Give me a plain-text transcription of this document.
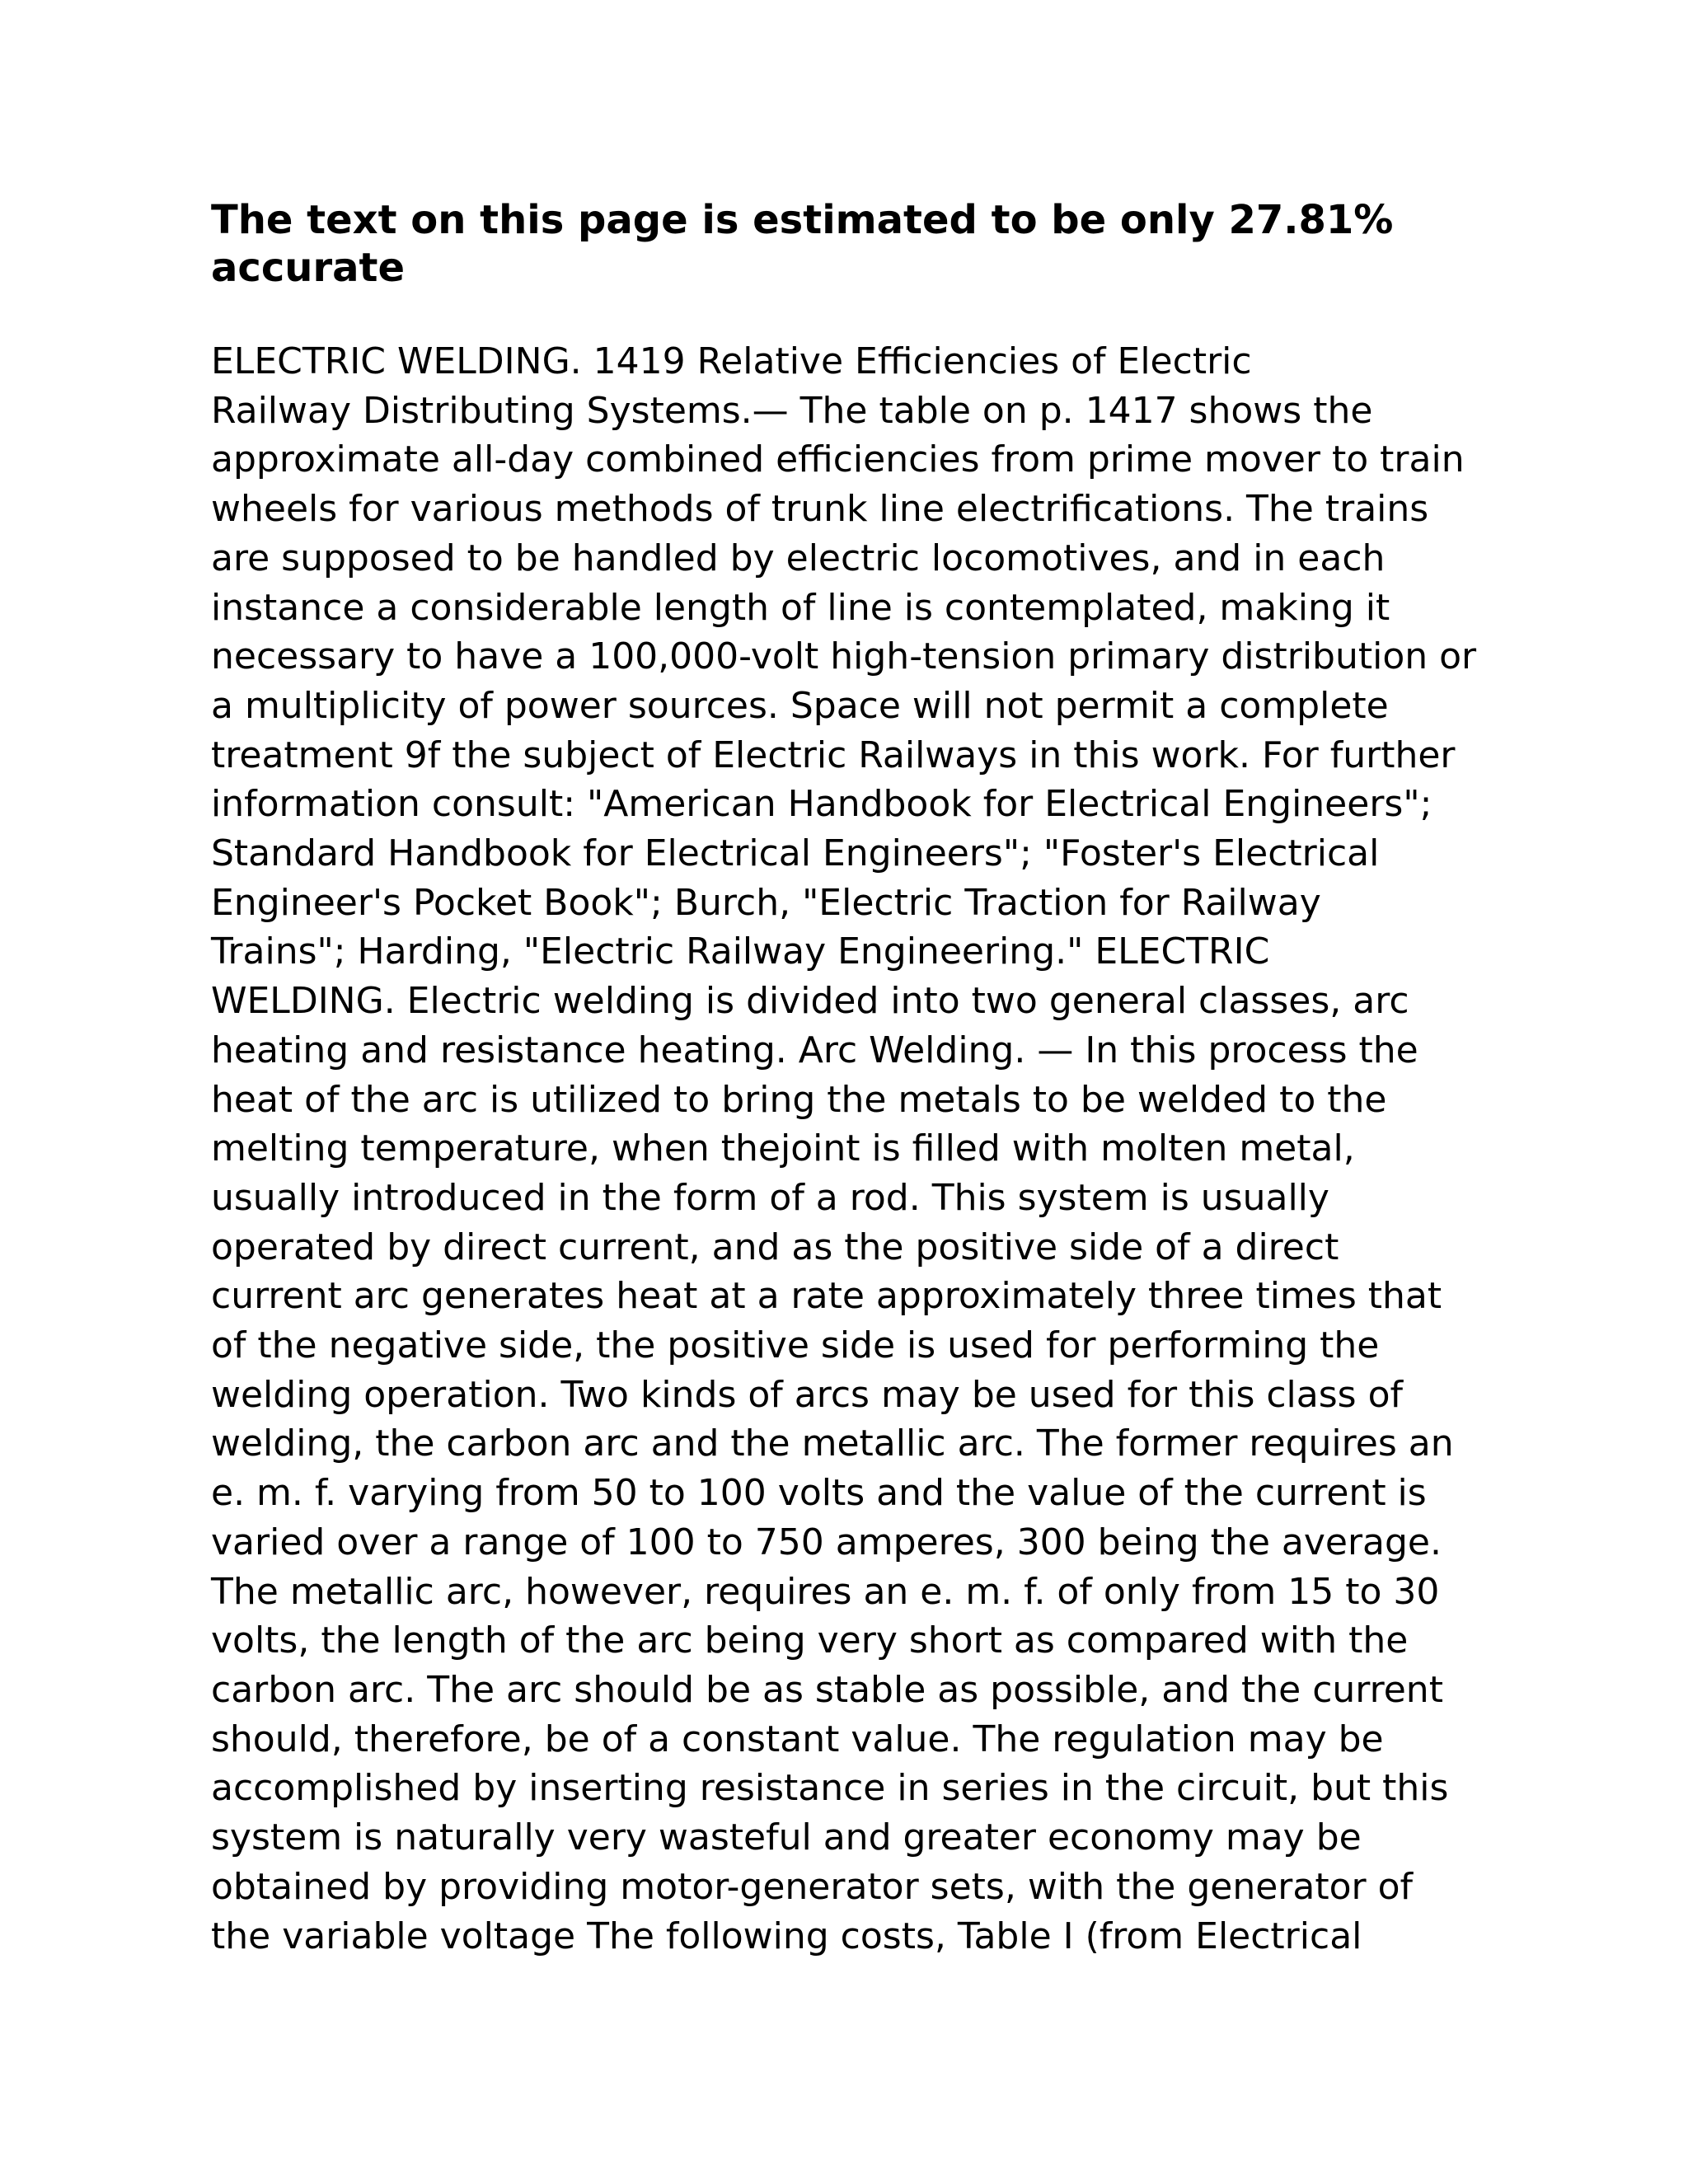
The text on this page is estimated to be only 27.81%
accurate

ELECTRIC WELDING. 1419 Relative Efficiencies of Electric
Railway Distributing Systems.— The table on p. 1417 shows the
approximate all-day combined efficiencies from prime mover to train
wheels for various methods of trunk line electrifications. The trains
are supposed to be handled by electric locomotives, and in each
instance a considerable length of line is contemplated, making it
necessary to have a 100,000-volt high-tension primary distribution or
a multiplicity of power sources. Space will not permit a complete
treatment 9f the subject of Electric Railways in this work. For further
information consult: "American Handbook for Electrical Engineers";
Standard Handbook for Electrical Engineers"; "Foster's Electrical
Engineer's Pocket Book"; Burch, "Electric Traction for Railway
Trains"; Harding, "Electric Railway Engineering." ELECTRIC
WELDING. Electric welding is divided into two general classes, arc
heating and resistance heating. Arc Welding. — In this process the
heat of the arc is utilized to bring the metals to be welded to the
melting temperature, when thejoint is filled with molten metal,
usually introduced in the form of a rod. This system is usually
operated by direct current, and as the positive side of a direct
current arc generates heat at a rate approximately three times that
of the negative side, the positive side is used for performing the
welding operation. Two kinds of arcs may be used for this class of
welding, the carbon arc and the metallic arc. The former requires an
e. m. f. varying from 50 to 100 volts and the value of the current is
varied over a range of 100 to 750 amperes, 300 being the average.
The metallic arc, however, requires an e. m. f. of only from 15 to 30
volts, the length of the arc being very short as compared with the
carbon arc. The arc should be as stable as possible, and the current
should, therefore, be of a constant value. The regulation may be
accomplished by inserting resistance in series in the circuit, but this
system is naturally very wasteful and greater economy may be
obtained by providing motor-generator sets, with the generator of
the variable voltage The following costs, Table I (from Electrical
